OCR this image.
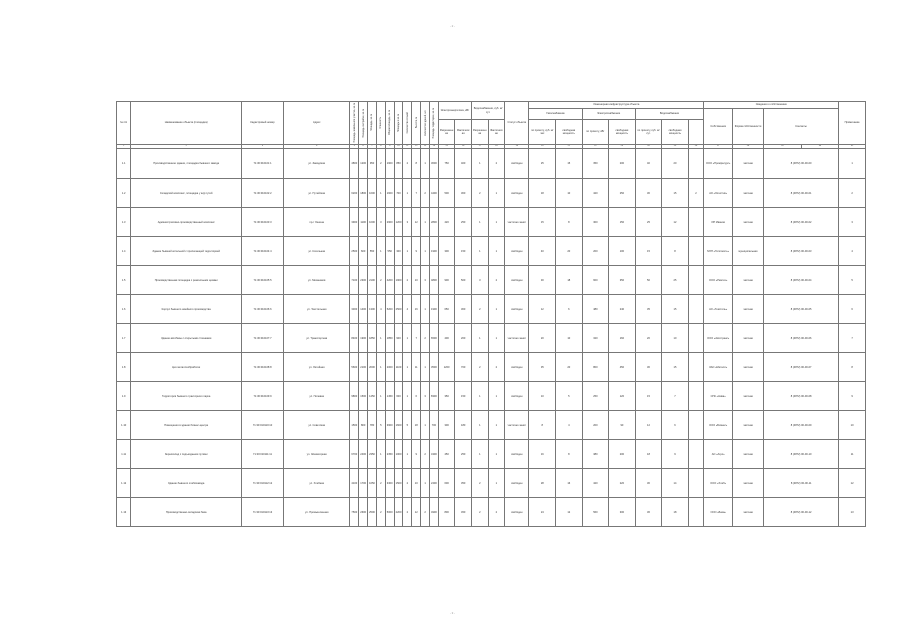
- 2 -
№ п/п	Наименование объекта (площадка)	Кадастровый номер	Адрес	Площадь земельного участка, кв. м	Площадь застройки, кв. м	Площадь, кв. м	Этажность	Общая площадь, кв. м	Площадь в кв. м	Количество этажей	Высота, м	Количество зданий, шт.	Площадь территории, кв. м	Электроэнергетика, кВт		Водоснабжение, куб. м/сут.		Статус объекта	Инженерная инфраструктура объекта							Сведения о собственнике				Примечание
																			Газоснабжение		Электроснабжение		Водоснабжение			Собственник	Форма собственности	Контакты		
														Разрешенная	Фактическая	Разрешенная	Фактическая		по проекту, куб. м/час	свободная мощность	по проекту, кВт	свободная мощность	по проекту, куб. м/сут.	свободная мощность						
1	2	3	4	5	6	7	8	9	10	11	12	13	14	15	16	17	18	19	20	21	22	23	24	25	26	27	28	29	30	31
1.1	Производственное здание, площадка бывшего завода	71:30:010101:1	ул. Заводская	4800	1200	950	2	1900	850	2	8	1	3600	750	400	1	2	свободен	25	15	350	200	40	20		ООО «Промресурс»	частная	8 (4872) 00-00-00		1
1.2	Складской комплекс, площадка у ж/д путей	71:30:010102:2	ул. Путейская	6200	1800	1600	1	1600	700	1	7	2	4400	500	300	2	1	свободен	18	10	420	250	30	15	2	АО «Логистик»	частная	8 (4872) 00-00-01		2
1.3	Административно-производственный комплекс	71:30:010103:3	пр-т Ленина	3900	1100	1000	3	2900	1200	3	12	1	2800	420	250	1	1	частично занят	15	8	300	150	25	12		ИП Иванов	частная	8 (4872) 00-00-02		3
1.4	Здание бывшей котельной с прилегающей территорией	71:30:010104:4	ул. Котельная	2500	600	550	1	550	300	1	9	1	1900	300	150	1	1	свободен	40	20	200	100	15	8		МУП «Теплосеть»	муниципальная	8 (4872) 00-00-03		4
1.5	Производственная площадка с ремонтными цехами	71:30:010105:5	ул. Механиков	7100	2300	2100	2	4200	1900	2	10	3	4800	900	500	3	2	свободен	30	18	600	350	50	25		ООО «Ремтех»	частная	8 (4872) 00-00-04		5
1.6	Корпус бывшего швейного производства	71:30:010106:6	ул. Текстильная	3300	1400	1300	4	5200	2500	4	16	1	1900	650	300	2	1	свободен	12	6	480	240	35	15		АО «Текстиль»	частная	8 (4872) 00-00-05		6
1.7	Здание автобазы с открытыми стоянками	71:30:010107:7	ул. Транспортная	8400	1900	1850	1	1850	900	1	7	2	6500	400	200	1	1	частично занят	20	10	320	160	20	10		ООО «Автотранс»	частная	8 (4872) 00-00-06		7
1.8	Цех металлообработки	71:30:010108:8	ул. Литейная	5600	2100	2000	1	2000	1100	1	11	1	3500	1200	700	2	2	свободен	35	20	800	450	30	15		ЗАО «Металл»	частная	8 (4872) 00-00-07		8
1.9	Территория бывшего тракторного парка	71:30:010109:9	ул. Полевая	9800	1500	1450	1	1450	600	1	6	3	8300	350	150	1	1	свободен	10	5	250	120	15	7		СПК «Нива»	частная	8 (4872) 00-00-08		9
1.10	Помещения в здании бизнес-центра	71:30:010110:10	ул. Советская	1500	800	780	5	3900	1600	5	18	1	700	300	180	1	1	частично занят	8	4	200	90	12	6		ООО «Бизнес»	частная	8 (4872) 00-00-09		10
1.11	Зерносклад с подъездными путями	71:30:010111:11	ул. Элеваторная	6700	2400	2350	1	2350	1000	1	9	2	4300	450	250	1	1	свободен	16	8	380	200	18	9		АО «Агро»	частная	8 (4872) 00-00-10		11
1.12	Здание бывшего хлебозавода	71:30:010112:12	ул. Хлебная	4100	1700	1650	2	3300	1500	2	10	1	2400	600	350	2	1	свободен	28	16	420	220	30	14		ООО «Хлеб»	частная	8 (4872) 00-00-11		12
1.13	Производственно-складская база	71:30:010113:13	ул. Промышленная	7500	2600	2500	2	5000	2200	2	12	2	4900	800	450	2	2	свободен	24	12	560	300	36	18		ООО «База»	частная	8 (4872) 00-00-12		13
- 3 -
